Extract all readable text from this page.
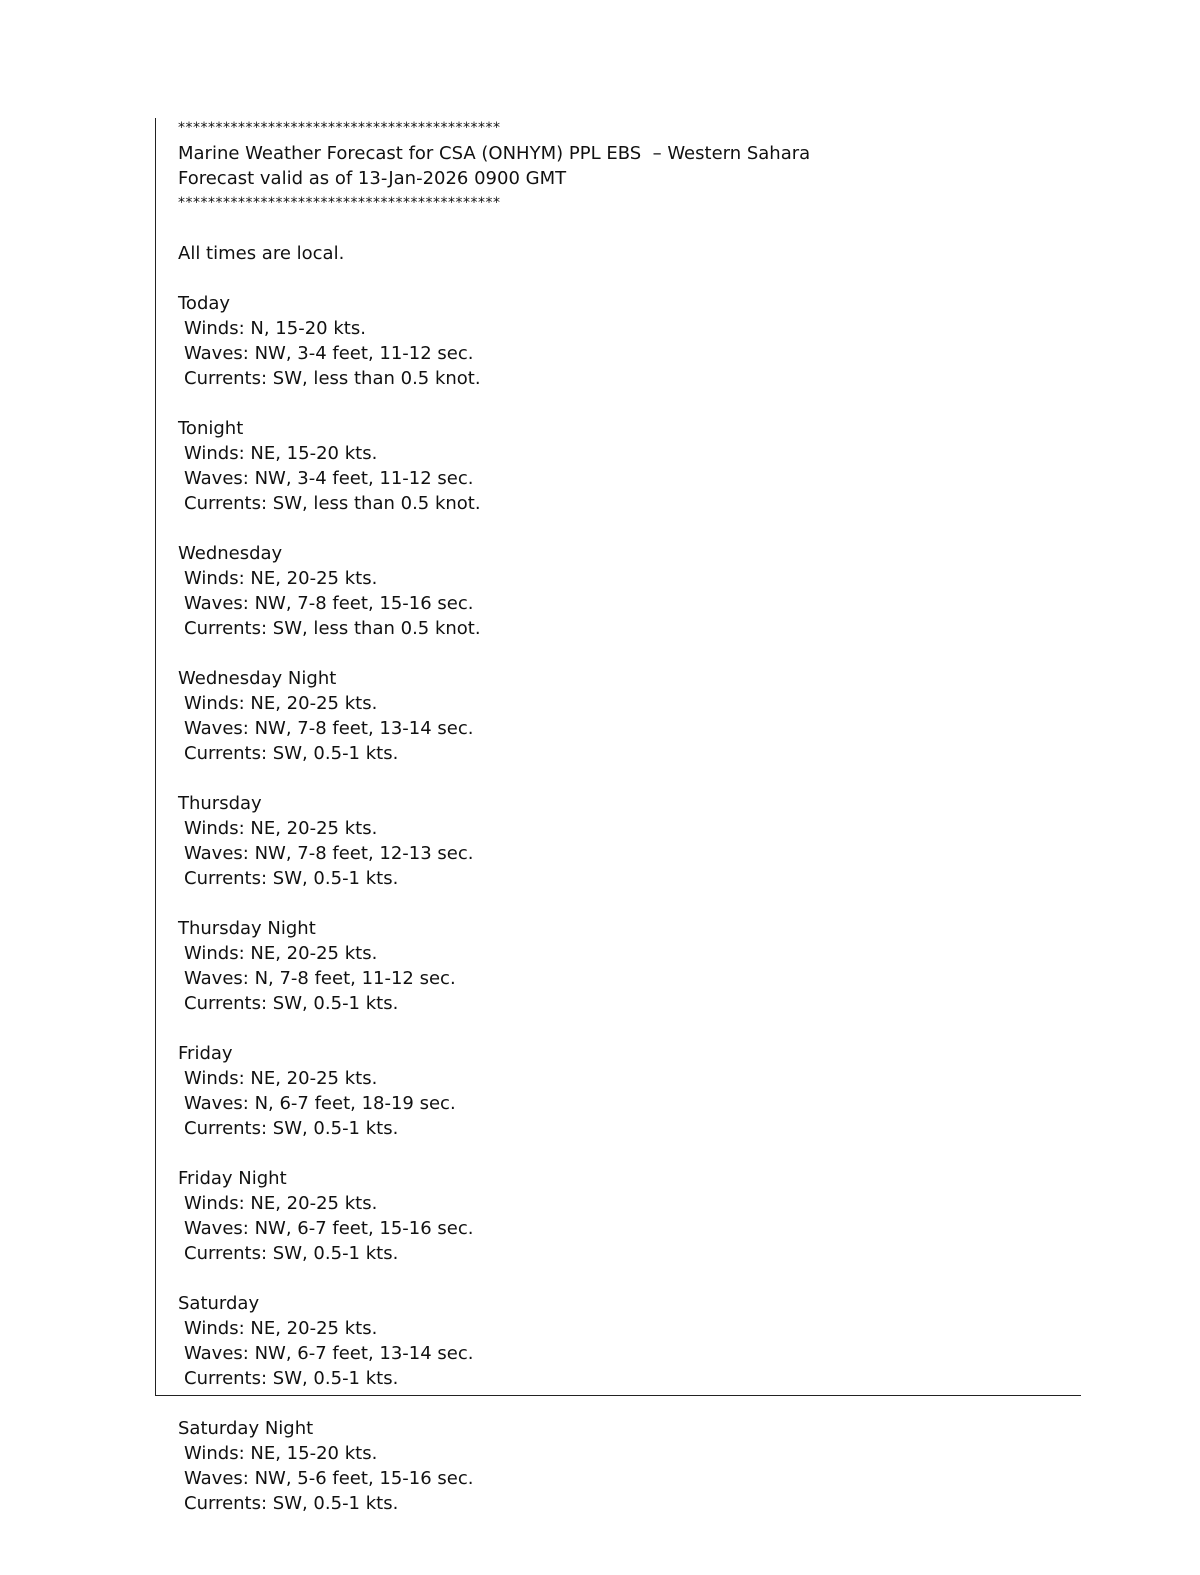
*******************************************
Marine Weather Forecast for CSA (ONHYM) PPL EBS  – Western Sahara
Forecast valid as of 13-Jan-2026 0900 GMT
*******************************************
All times are local.
Today
Winds: N, 15-20 kts.
Waves: NW, 3-4 feet, 11-12 sec.
Currents: SW, less than 0.5 knot.
Tonight
Winds: NE, 15-20 kts.
Waves: NW, 3-4 feet, 11-12 sec.
Currents: SW, less than 0.5 knot.
Wednesday
Winds: NE, 20-25 kts.
Waves: NW, 7-8 feet, 15-16 sec.
Currents: SW, less than 0.5 knot.
Wednesday Night
Winds: NE, 20-25 kts.
Waves: NW, 7-8 feet, 13-14 sec.
Currents: SW, 0.5-1 kts.
Thursday
Winds: NE, 20-25 kts.
Waves: NW, 7-8 feet, 12-13 sec.
Currents: SW, 0.5-1 kts.
Thursday Night
Winds: NE, 20-25 kts.
Waves: N, 7-8 feet, 11-12 sec.
Currents: SW, 0.5-1 kts.
Friday
Winds: NE, 20-25 kts.
Waves: N, 6-7 feet, 18-19 sec.
Currents: SW, 0.5-1 kts.
Friday Night
Winds: NE, 20-25 kts.
Waves: NW, 6-7 feet, 15-16 sec.
Currents: SW, 0.5-1 kts.
Saturday
Winds: NE, 20-25 kts.
Waves: NW, 6-7 feet, 13-14 sec.
Currents: SW, 0.5-1 kts.
Saturday Night
Winds: NE, 15-20 kts.
Waves: NW, 5-6 feet, 15-16 sec.
Currents: SW, 0.5-1 kts.
